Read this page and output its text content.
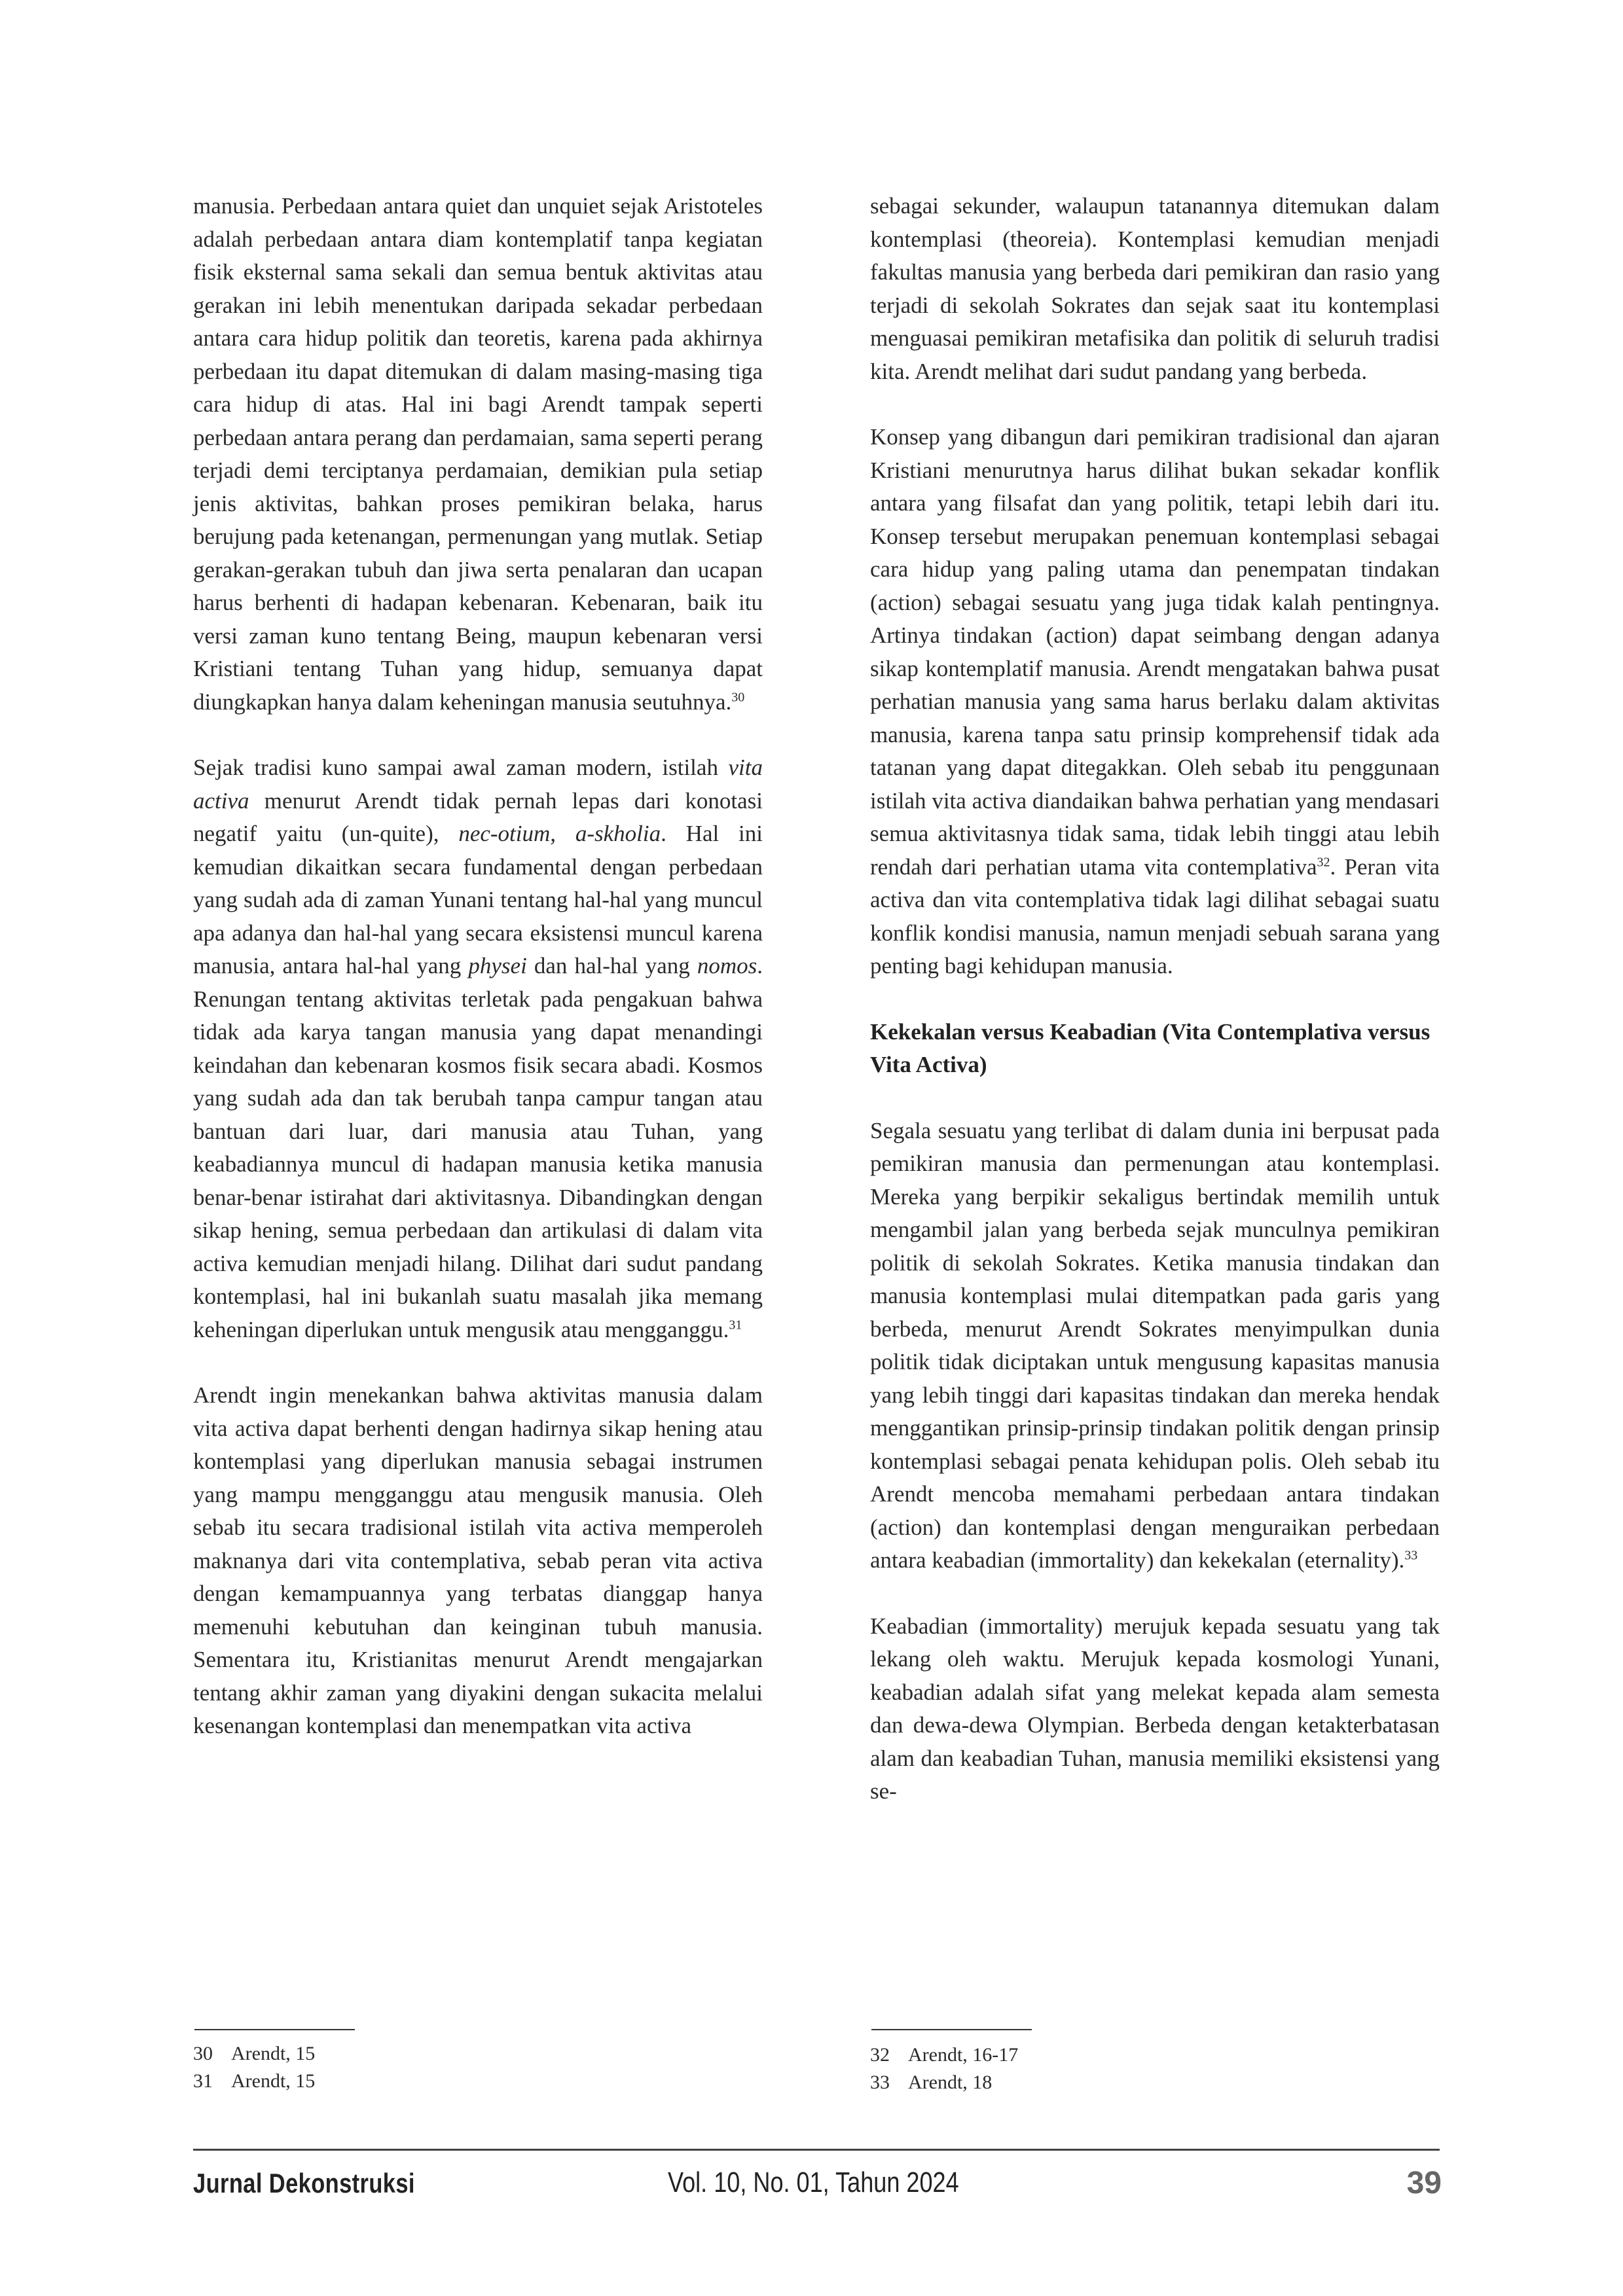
manusia. Perbedaan antara quiet dan unquiet sejak Aristoteles adalah perbedaan antara diam kontemplatif tanpa kegiatan fisik eksternal sama sekali dan semua bentuk aktivitas atau gerakan ini lebih menentukan daripada sekadar perbedaan antara cara hidup politik dan teoretis, karena pada akhirnya perbedaan itu dapat ditemukan di dalam masing-masing tiga cara hidup di atas. Hal ini bagi Arendt tampak seperti perbedaan antara perang dan perdamaian, sama seperti perang terjadi demi terciptanya perdamaian, demikian pula setiap jenis aktivitas, bahkan proses pemikiran belaka, harus berujung pada ketenangan, permenungan yang mutlak. Setiap gerakan-gerakan tubuh dan jiwa serta penalaran dan ucapan harus berhenti di hadapan kebenaran. Kebenaran, baik itu versi zaman kuno tentang Being, maupun kebenaran versi Kristiani tentang Tuhan yang hidup, semuanya dapat diungkapkan hanya dalam keheningan manusia seutuhnya.$^{30}$

Sejak tradisi kuno sampai awal zaman modern, istilah vita activa menurut Arendt tidak pernah lepas dari konotasi negatif yaitu (un-quite), nec-otium, a-skholia. Hal ini kemudian dikaitkan secara fundamental dengan perbedaan yang sudah ada di zaman Yunani tentang hal-hal yang muncul apa adanya dan hal-hal yang secara eksistensi muncul karena manusia, antara hal-hal yang physei dan hal-hal yang nomos. Renungan tentang aktivitas terletak pada pengakuan bahwa tidak ada karya tangan manusia yang dapat menandingi keindahan dan kebenaran kosmos fisik secara abadi. Kosmos yang sudah ada dan tak berubah tanpa campur tangan atau bantuan dari luar, dari manusia atau Tuhan, yang keabadiannya muncul di hadapan manusia ketika manusia benar-benar istirahat dari aktivitasnya. Dibandingkan dengan sikap hening, semua perbedaan dan artikulasi di dalam vita activa kemudian menjadi hilang. Dilihat dari sudut pandang kontemplasi, hal ini bukanlah suatu masalah jika memang keheningan diperlukan untuk mengusik atau mengganggu.$^{31}$

Arendt ingin menekankan bahwa aktivitas manusia dalam vita activa dapat berhenti dengan hadirnya sikap hening atau kontemplasi yang diperlukan manusia sebagai instrumen yang mampu mengganggu atau mengusik manusia. Oleh sebab itu secara tradisional istilah vita activa memperoleh maknanya dari vita contemplativa, sebab peran vita activa dengan kemampuannya yang terbatas dianggap hanya memenuhi kebutuhan dan keinginan tubuh manusia. Sementara itu, Kristianitas menurut Arendt mengajarkan tentang akhir zaman yang diyakini dengan sukacita melalui kesenangan kontemplasi dan menempatkan vita activa

sebagai sekunder, walaupun tatanannya ditemukan dalam kontemplasi (theoreia). Kontemplasi kemudian menjadi fakultas manusia yang berbeda dari pemikiran dan rasio yang terjadi di sekolah Sokrates dan sejak saat itu kontemplasi menguasai pemikiran metafisika dan politik di seluruh tradisi kita. Arendt melihat dari sudut pandang yang berbeda.

Konsep yang dibangun dari pemikiran tradisional dan ajaran Kristiani menurutnya harus dilihat bukan sekadar konflik antara yang filsafat dan yang politik, tetapi lebih dari itu. Konsep tersebut merupakan penemuan kontemplasi sebagai cara hidup yang paling utama dan penempatan tindakan (action) sebagai sesuatu yang juga tidak kalah pentingnya. Artinya tindakan (action) dapat seimbang dengan adanya sikap kontemplatif manusia. Arendt mengatakan bahwa pusat perhatian manusia yang sama harus berlaku dalam aktivitas manusia, karena tanpa satu prinsip komprehensif tidak ada tatanan yang dapat ditegakkan. Oleh sebab itu penggunaan istilah vita activa diandaikan bahwa perhatian yang mendasari semua aktivitasnya tidak sama, tidak lebih tinggi atau lebih rendah dari perhatian utama vita contemplativa$^{32}$. Peran vita activa dan vita contemplativa tidak lagi dilihat sebagai suatu konflik kondisi manusia, namun menjadi sebuah sarana yang penting bagi kehidupan manusia.

Kekekalan versus Keabadian (Vita Contemplativa versus Vita Activa)

Segala sesuatu yang terlibat di dalam dunia ini berpusat pada pemikiran manusia dan permenungan atau kontemplasi. Mereka yang berpikir sekaligus bertindak memilih untuk mengambil jalan yang berbeda sejak munculnya pemikiran politik di sekolah Sokrates. Ketika manusia tindakan dan manusia kontemplasi mulai ditempatkan pada garis yang berbeda, menurut Arendt Sokrates menyimpulkan dunia politik tidak diciptakan untuk mengusung kapasitas manusia yang lebih tinggi dari kapasitas tindakan dan mereka hendak menggantikan prinsip-prinsip tindakan politik dengan prinsip kontemplasi sebagai penata kehidupan polis. Oleh sebab itu Arendt mencoba memahami perbedaan antara tindakan (action) dan kontemplasi dengan menguraikan perbedaan antara keabadian (immortality) dan kekekalan (eternality).$^{33}$

Keabadian (immortality) merujuk kepada sesuatu yang tak lekang oleh waktu. Merujuk kepada kosmologi Yunani, keabadian adalah sifat yang melekat kepada alam semesta dan dewa-dewa Olympian. Berbeda dengan ketakterbatasan alam dan keabadian Tuhan, manusia memiliki eksistensi yang se-

30 Arendt, 15
31 Arendt, 15
32 Arendt, 16-17
33 Arendt, 18
Jurnal Dekonstruksi	Vol. 10, No. 01, Tahun 2024	39
